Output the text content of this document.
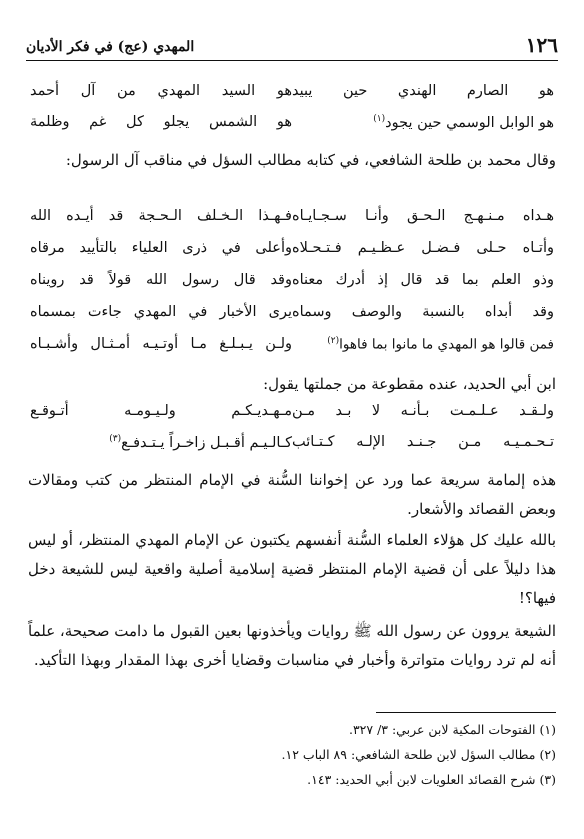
١٢٦
المهدي (عج) في فكر الأديان
هو الصارم الهندي حين يبيد
هو السيد المهدي من آل أحمد
هو الوابل الوسمي حين يجود$^{(١)}$
هو الشمس يجلو كل غم وظلمة
وقال محمد بن طلحة الشافعي، في كتابه مطالب السؤل في مناقب آل الرسول:
هـداه مـنـهـج الـحـق وأنـا سـجـايـاه
فـهـذا الـخـلف الـحـجة قد أيـده الله
وأتـاه حـلى فـضـل عـظـيـم فـتـحـلاه
وأعلى في ذرى العلياء بالتأييد مرقاه
وذو العلم بما قد قال إذ أدرك معناه
وقد قال رسول الله قولاً قد رويناه
وقد أبداه بالنسبة والوصف وسماه
يرى الأخبار في المهدي جاءت بمسماه
فمن قالوا هو المهدي ما مانوا بما فاهوا$^{(٢)}$
ولـن يـبـلـغ مـا أوتـيـه أمـثـال وأشـبـاه
ابن أبي الحديد، عنده مقطوعة من جملتها يقول:
ولـقـد عـلـمـت بـأنـه لا بـد مـن
مـهـديـكـم ولـيـومـه أتـوقـع
تـحـمـيـه مـن جـنـد الإلـه كـتـائب
كـالـيـم أقـبـل زاخـراً يـتـدفـع$^{(٣)}$
هذه إلمامة سريعة عما ورد عن إخواننا السُّنة في الإمام المنتظر من كتب ومقالات وبعض القصائد والأشعار.
بالله عليك كل هؤلاء العلماء السُّنة أنفسهم يكتبون عن الإمام المهدي المنتظر، أو ليس هذا دليلاً على أن قضية الإمام المنتظر قضية إسلامية أصلية واقعية ليس للشيعة دخل فيها؟!
الشيعة يروون عن رسول الله ﷺ روايات ويأخذونها بعين القبول ما دامت صحيحة، علماً أنه لم ترد روايات متواترة وأخبار في مناسبات وقضايا أخرى بهذا المقدار وبهذا التأكيد.
(١) الفتوحات المكية لابن عربي: ٣/ ٣٢٧.
(٢) مطالب السؤل لابن طلحة الشافعي: ٨٩ الباب ١٢.
(٣) شرح القصائد العلويات لابن أبي الحديد: ١٤٣.
